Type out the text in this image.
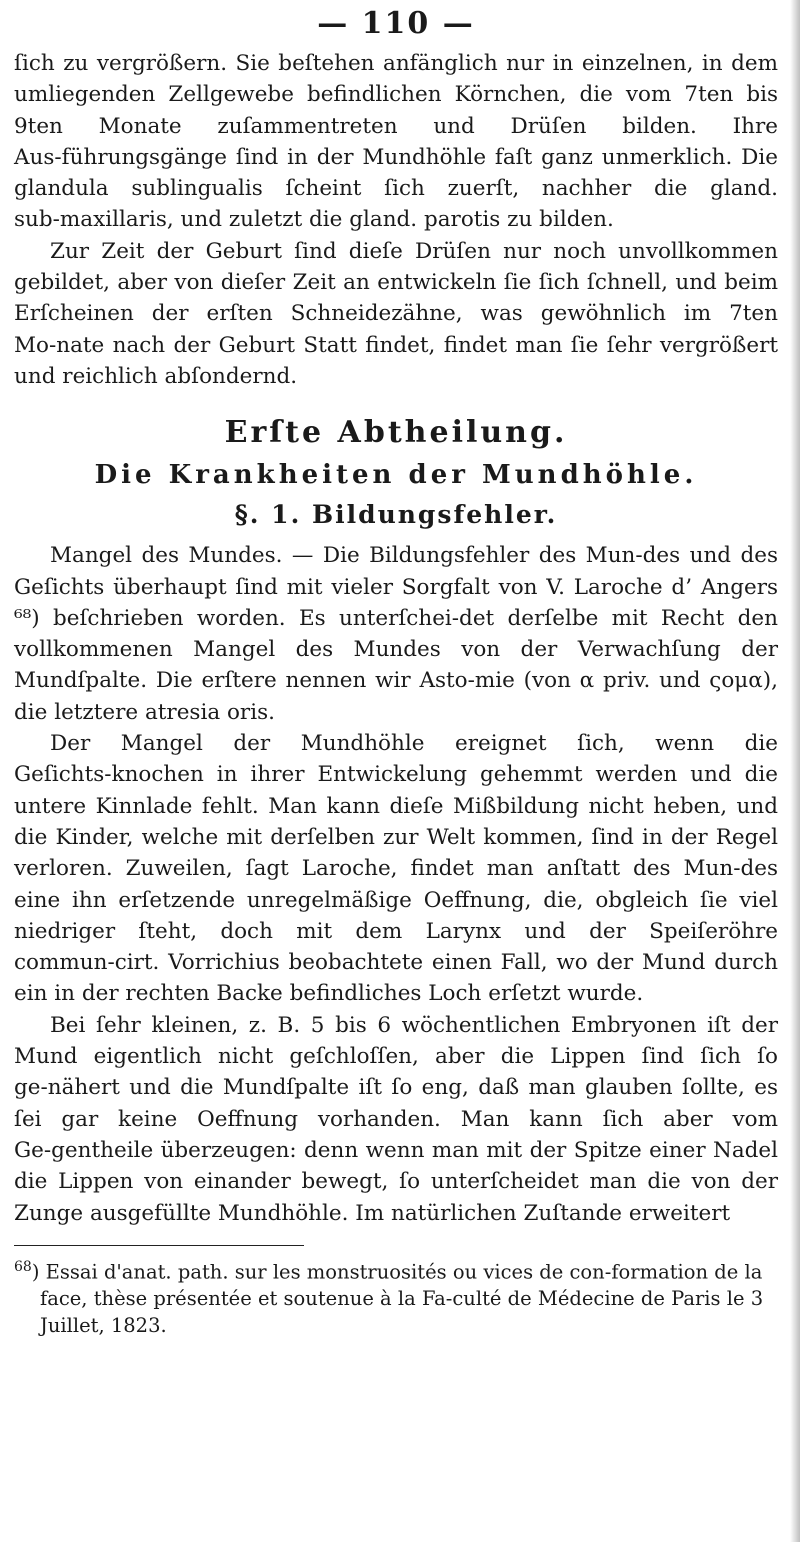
— 110 —

ſich zu vergrößern. Sie beſtehen anfänglich nur in einzelnen, in dem umliegenden Zellgewebe befindlichen Körnchen, die vom 7ten bis 9ten Monate zuſammentreten und Drüſen bilden. Ihre Aus‑führungsgänge ſind in der Mundhöhle faſt ganz unmerklich. Die glandula sublingualis ſcheint ſich zuerſt, nachher die gland. sub‑maxillaris, und zuletzt die gland. parotis zu bilden.

Zur Zeit der Geburt ſind dieſe Drüſen nur noch unvollkommen gebildet, aber von dieſer Zeit an entwickeln ſie ſich ſchnell, und beim Erſcheinen der erſten Schneidezähne, was gewöhnlich im 7ten Mo‑nate nach der Geburt Statt findet, findet man ſie ſehr vergrößert und reichlich abſondernd.

Erſte Abtheilung.
Die Krankheiten der Mundhöhle.
§. 1. Bildungsfehler.

Mangel des Mundes. — Die Bildungsfehler des Mun‑des und des Geſichts überhaupt ſind mit vieler Sorgfalt von V. Laroche d’ Angers ⁶⁸) beſchrieben worden. Es unterſchei‑det derſelbe mit Recht den vollkommenen Mangel des Mundes von der Verwachſung der Mundſpalte. Die erſtere nennen wir Asto‑mie (von α priv. und ςομα), die letztere atresia oris.

Der Mangel der Mundhöhle ereignet ſich, wenn die Geſichts‑knochen in ihrer Entwickelung gehemmt werden und die untere Kinnlade fehlt. Man kann dieſe Mißbildung nicht heben, und die Kinder, welche mit derſelben zur Welt kommen, ſind in der Regel verloren. Zuweilen, ſagt Laroche, findet man anſtatt des Mun‑des eine ihn erſetzende unregelmäßige Oeffnung, die, obgleich ſie viel niedriger ſteht, doch mit dem Larynx und der Speiſeröhre commun‑cirt. Vorrichius beobachtete einen Fall, wo der Mund durch ein in der rechten Backe befindliches Loch erſetzt wurde.

Bei ſehr kleinen, z. B. 5 bis 6 wöchentlichen Embryonen iſt der Mund eigentlich nicht geſchloſſen, aber die Lippen ſind ſich ſo ge‑nähert und die Mundſpalte iſt ſo eng, daß man glauben ſollte, es ſei gar keine Oeffnung vorhanden. Man kann ſich aber vom Ge‑gentheile überzeugen: denn wenn man mit der Spitze einer Nadel die Lippen von einander bewegt, ſo unterſcheidet man die von der Zunge ausgefüllte Mundhöhle. Im natürlichen Zuſtande erweitert

$^{68}$) Essai d'anat. path. sur les monstruosités ou vices de con‑formation de la face, thèse présentée et soutenue à la Fa‑culté de Médecine de Paris le 3 Juillet, 1823.
